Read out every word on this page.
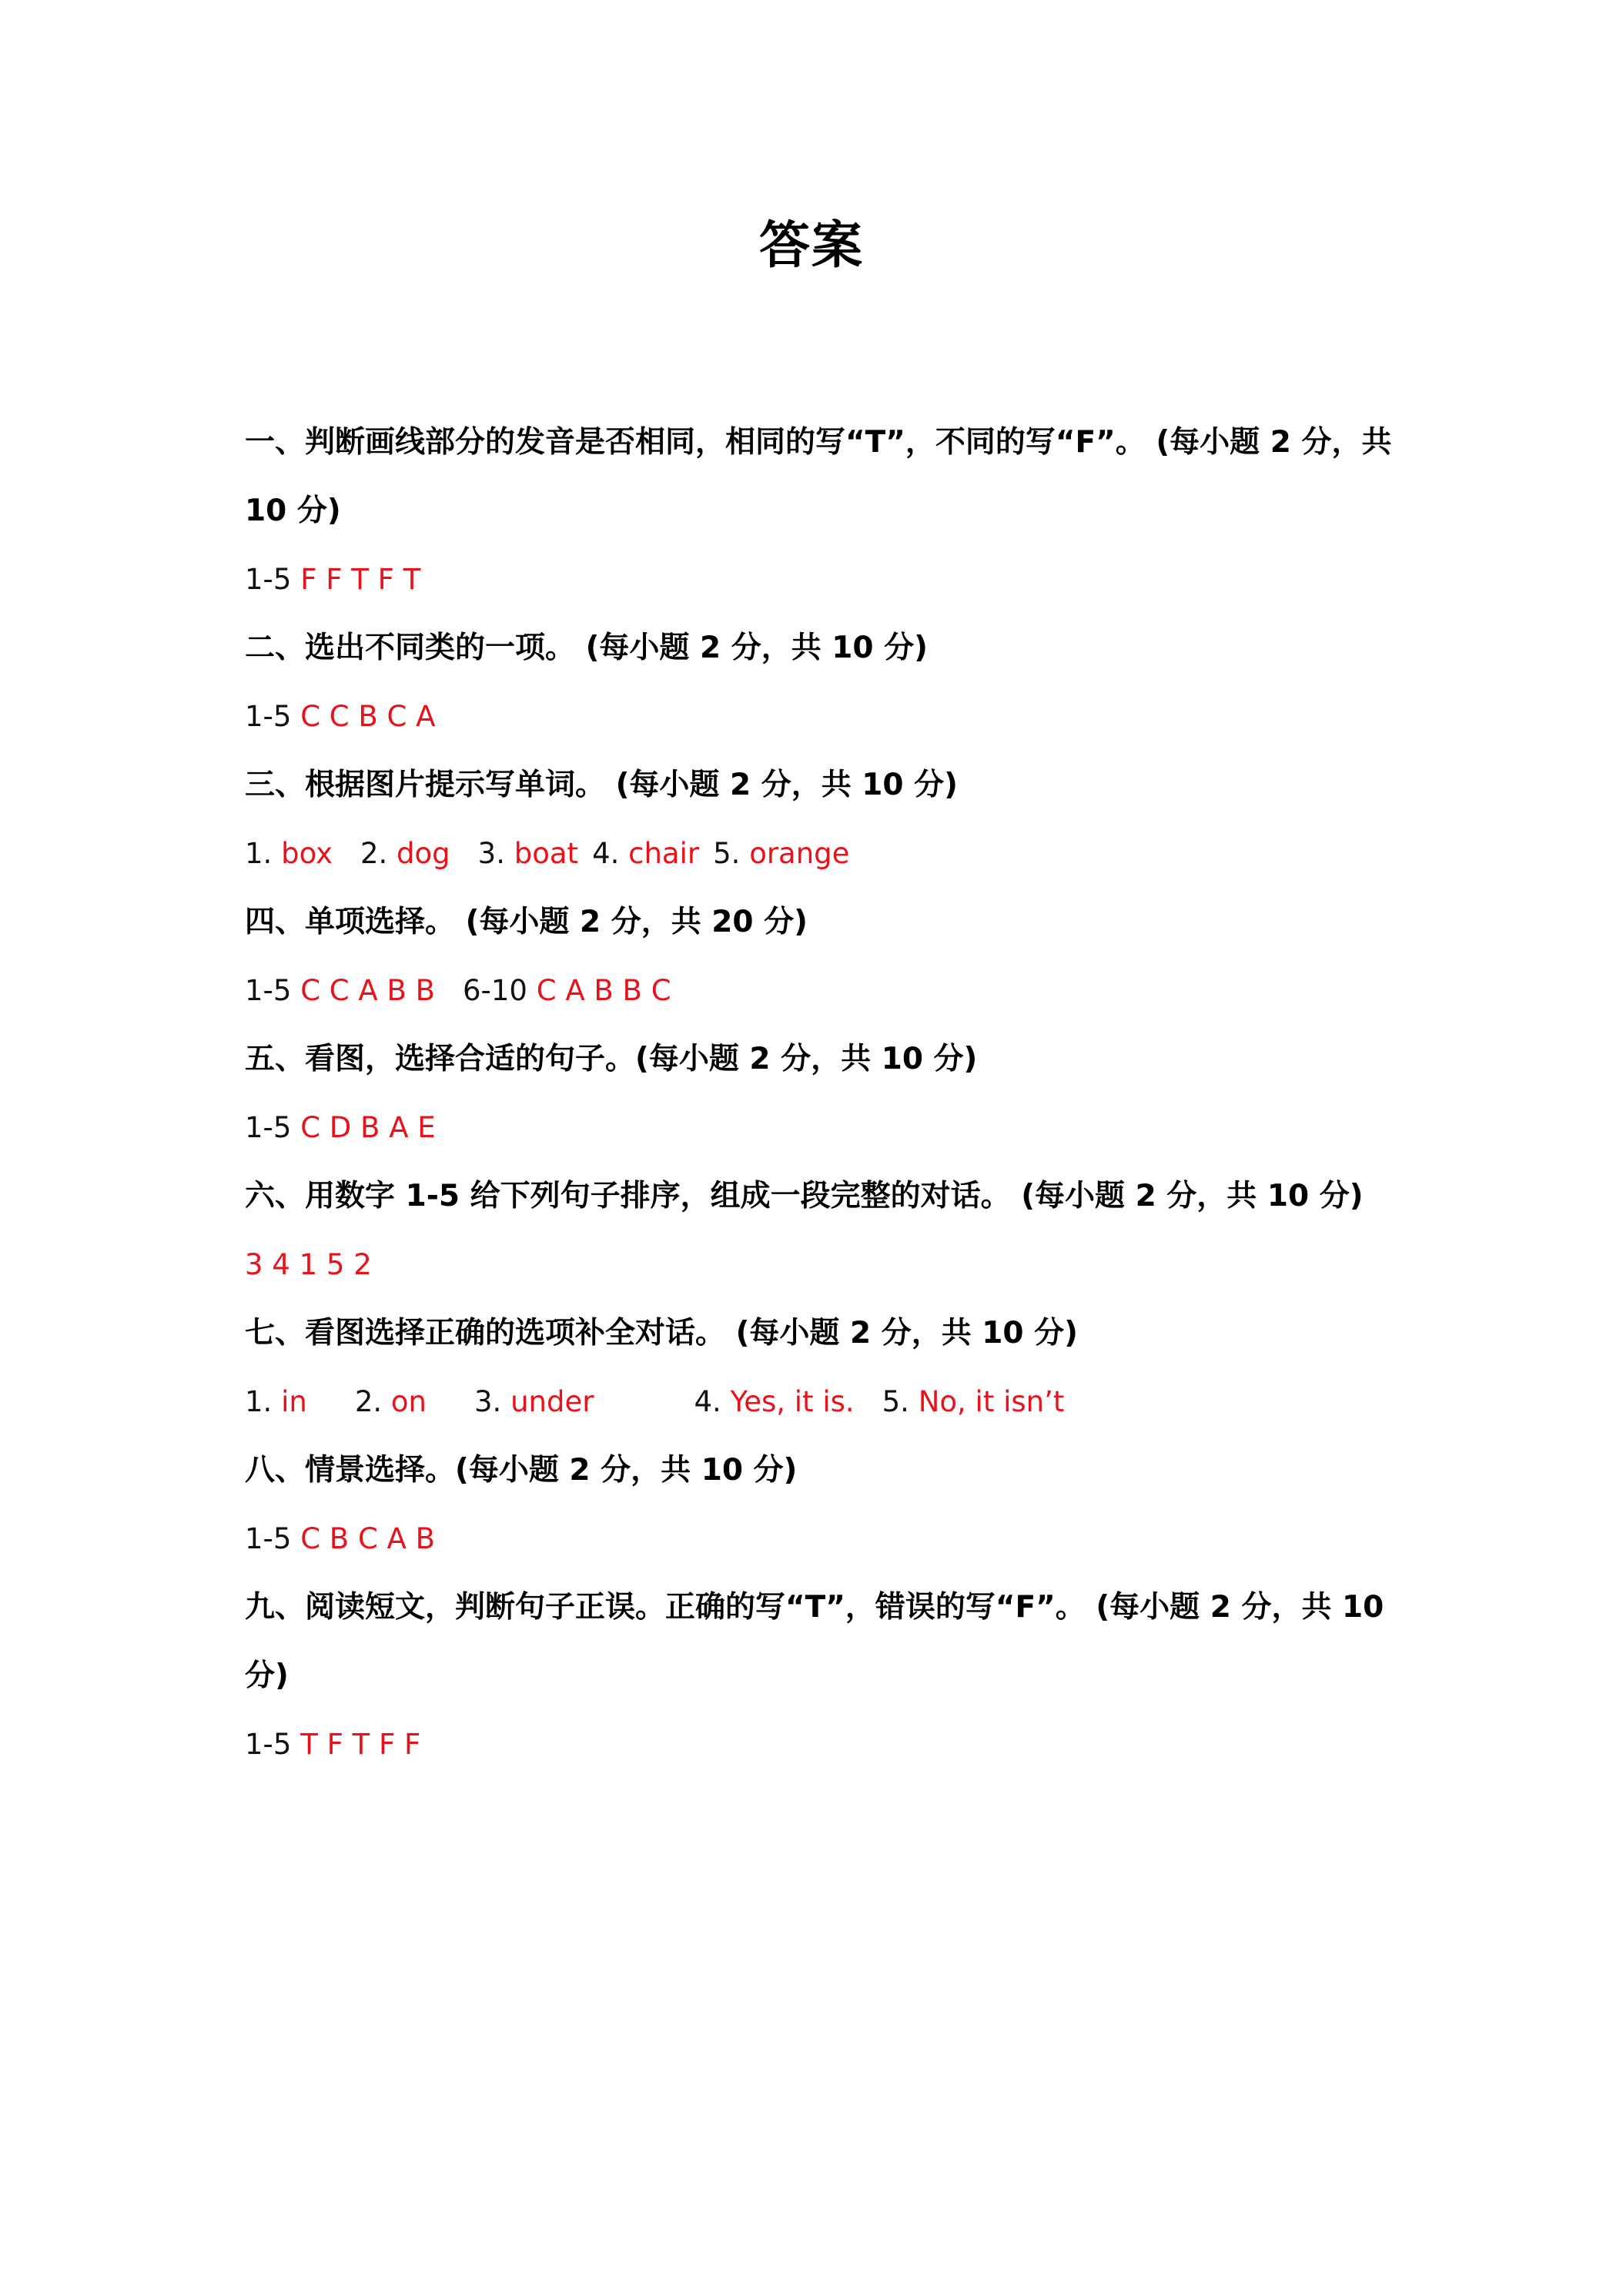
答案

一、判断画线部分的发音是否相同，相同的写“T”，不同的写“F”。 (每小题 2 分，共 10 分)

1-5 F F T F T

二、选出不同类的一项。 (每小题 2 分，共 10 分)

1-5 C C B C A

三、根据图片提示写单词。 (每小题 2 分，共 10 分)

1. box 2. dog 3. boat 4. chair 5. orange

四、单项选择。 (每小题 2 分，共 20 分)

1-5 C C A B B 6-10 C A B B C

五、看图，选择合适的句子。(每小题 2 分，共 10 分)

1-5 C D B A E

六、用数字 1-5 给下列句子排序，组成一段完整的对话。 (每小题 2 分，共 10 分)

3 4 1 5 2

七、看图选择正确的选项补全对话。 (每小题 2 分，共 10 分)

1. in 2. on 3. under	4. Yes, it is. 5. No, it isn’t

八、情景选择。(每小题 2 分，共 10 分)

1-5 C B C A B

九、阅读短文，判断句子正误。正确的写“T”，错误的写“F”。 (每小题 2 分，共 10 分)

1-5 T F T F F
